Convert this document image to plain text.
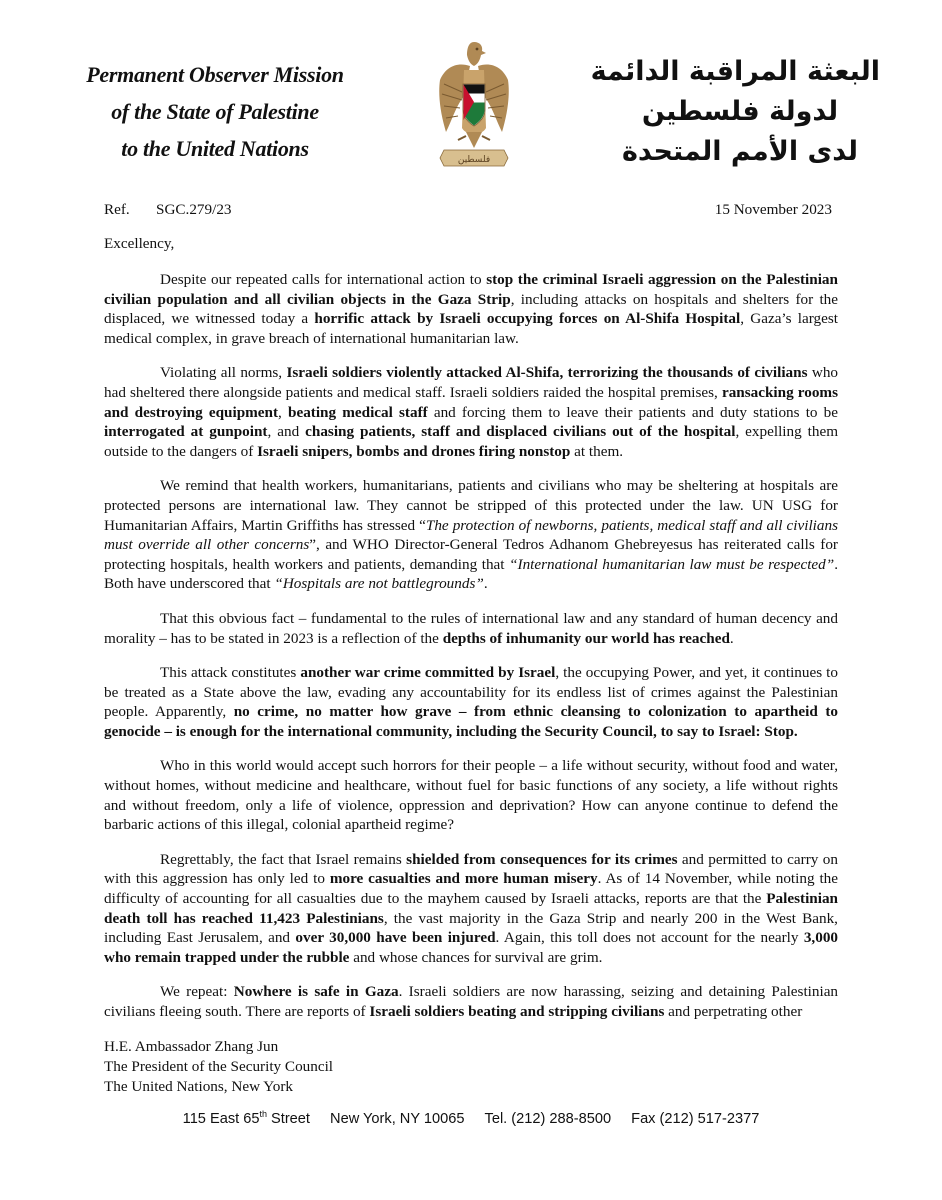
Permanent Observer Mission
of the State of Palestine
to the United Nations	فلسطين
البعثة المراقبة الدائمة
لدولة فلسطين
لدى الأمم المتحدة
Ref. SGC.279/23	15 November 2023
Excellency,

Despite our repeated calls for international action to stop the criminal Israeli aggression on the Palestinian civilian population and all civilian objects in the Gaza Strip, including attacks on hospitals and shelters for the displaced, we witnessed today a horrific attack by Israeli occupying forces on Al-Shifa Hospital, Gaza’s largest medical complex, in grave breach of international humanitarian law.

Violating all norms, Israeli soldiers violently attacked Al-Shifa, terrorizing the thousands of civilians who had sheltered there alongside patients and medical staff. Israeli soldiers raided the hospital premises, ransacking rooms and destroying equipment, beating medical staff and forcing them to leave their patients and duty stations to be interrogated at gunpoint, and chasing patients, staff and displaced civilians out of the hospital, expelling them outside to the dangers of Israeli snipers, bombs and drones firing nonstop at them.

We remind that health workers, humanitarians, patients and civilians who may be sheltering at hospitals are protected persons are international law. They cannot be stripped of this protected under the law. UN USG for Humanitarian Affairs, Martin Griffiths has stressed “The protection of newborns, patients, medical staff and all civilians must override all other concerns”, and WHO Director-General Tedros Adhanom Ghebreyesus has reiterated calls for protecting hospitals, health workers and patients, demanding that “International humanitarian law must be respected”. Both have underscored that “Hospitals are not battlegrounds”.

That this obvious fact – fundamental to the rules of international law and any standard of human decency and morality – has to be stated in 2023 is a reflection of the depths of inhumanity our world has reached.

This attack constitutes another war crime committed by Israel, the occupying Power, and yet, it continues to be treated as a State above the law, evading any accountability for its endless list of crimes against the Palestinian people. Apparently, no crime, no matter how grave – from ethnic cleansing to colonization to apartheid to genocide – is enough for the international community, including the Security Council, to say to Israel: Stop.

Who in this world would accept such horrors for their people – a life without security, without food and water, without homes, without medicine and healthcare, without fuel for basic functions of any society, a life without rights and without freedom, only a life of violence, oppression and deprivation? How can anyone continue to defend the barbaric actions of this illegal, colonial apartheid regime?

Regrettably, the fact that Israel remains shielded from consequences for its crimes and permitted to carry on with this aggression has only led to more casualties and more human misery. As of 14 November, while noting the difficulty of accounting for all casualties due to the mayhem caused by Israeli attacks, reports are that the Palestinian death toll has reached 11,423 Palestinians, the vast majority in the Gaza Strip and nearly 200 in the West Bank, including East Jerusalem, and over 30,000 have been injured. Again, this toll does not account for the nearly 3,000 who remain trapped under the rubble and whose chances for survival are grim.

We repeat: Nowhere is safe in Gaza. Israeli soldiers are now harassing, seizing and detaining Palestinian civilians fleeing south. There are reports of Israeli soldiers beating and stripping civilians and perpetrating other

H.E. Ambassador Zhang Jun
The President of the Security Council
The United Nations, New York
115 East 65th Street New York, NY 10065 Tel. (212) 288-8500 Fax (212) 517-2377
